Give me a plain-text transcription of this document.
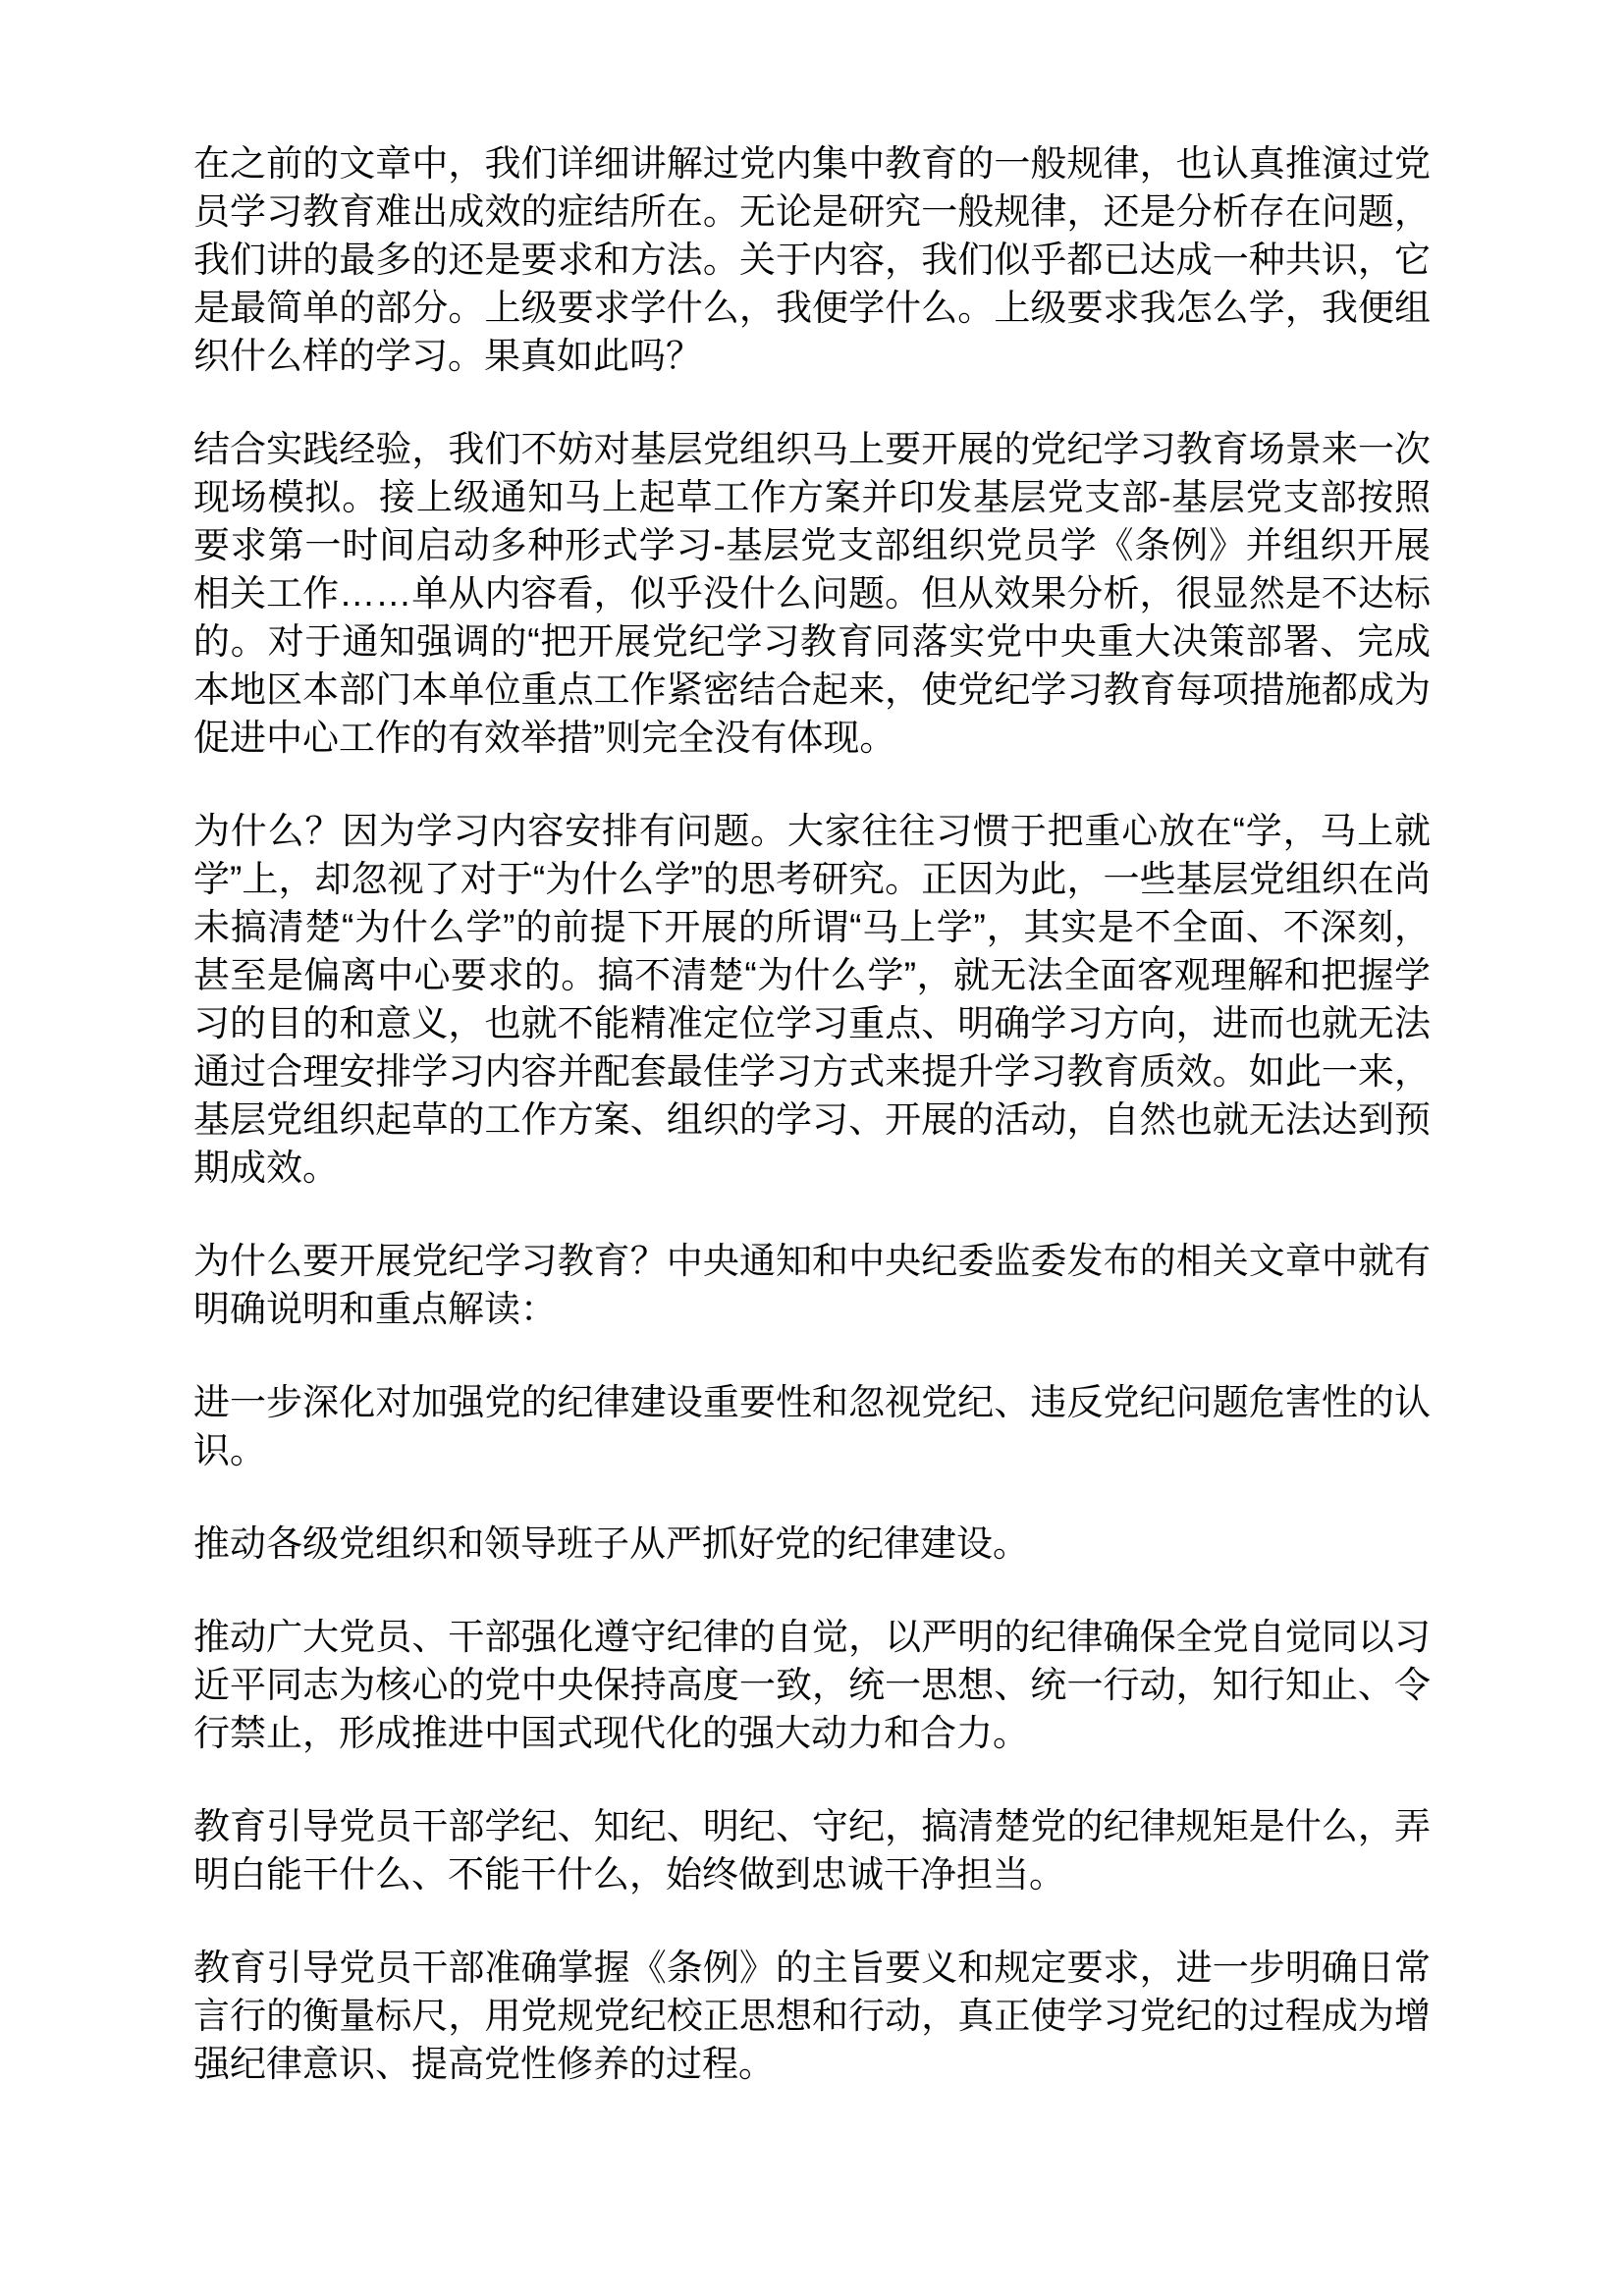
在之前的文章中，我们详细讲解过党内集中教育的一般规律，也认真推演过党员学习教育难出成效的症结所在。无论是研究一般规律，还是分析存在问题，我们讲的最多的还是要求和方法。关于内容，我们似乎都已达成一种共识，它是最简单的部分。上级要求学什么，我便学什么。上级要求我怎么学，我便组织什么样的学习。果真如此吗？

结合实践经验，我们不妨对基层党组织马上要开展的党纪学习教育场景来一次现场模拟。接上级通知马上起草工作方案并印发基层党支部-基层党支部按照要求第一时间启动多种形式学习-基层党支部组织党员学《条例》并组织开展相关工作……单从内容看，似乎没什么问题。但从效果分析，很显然是不达标的。对于通知强调的“把开展党纪学习教育同落实党中央重大决策部署、完成本地区本部门本单位重点工作紧密结合起来，使党纪学习教育每项措施都成为促进中心工作的有效举措”则完全没有体现。

为什么？因为学习内容安排有问题。大家往往习惯于把重心放在“学，马上就学”上，却忽视了对于“为什么学”的思考研究。正因为此，一些基层党组织在尚未搞清楚“为什么学”的前提下开展的所谓“马上学”，其实是不全面、不深刻，甚至是偏离中心要求的。搞不清楚“为什么学”，就无法全面客观理解和把握学习的目的和意义，也就不能精准定位学习重点、明确学习方向，进而也就无法通过合理安排学习内容并配套最佳学习方式来提升学习教育质效。如此一来，基层党组织起草的工作方案、组织的学习、开展的活动，自然也就无法达到预期成效。

为什么要开展党纪学习教育？中央通知和中央纪委监委发布的相关文章中就有明确说明和重点解读：

进一步深化对加强党的纪律建设重要性和忽视党纪、违反党纪问题危害性的认识。

推动各级党组织和领导班子从严抓好党的纪律建设。

推动广大党员、干部强化遵守纪律的自觉，以严明的纪律确保全党自觉同以习近平同志为核心的党中央保持高度一致，统一思想、统一行动，知行知止、令行禁止，形成推进中国式现代化的强大动力和合力。

教育引导党员干部学纪、知纪、明纪、守纪，搞清楚党的纪律规矩是什么，弄明白能干什么、不能干什么，始终做到忠诚干净担当。

教育引导党员干部准确掌握《条例》的主旨要义和规定要求，进一步明确日常言行的衡量标尺，用党规党纪校正思想和行动，真正使学习党纪的过程成为增强纪律意识、提高党性修养的过程。
